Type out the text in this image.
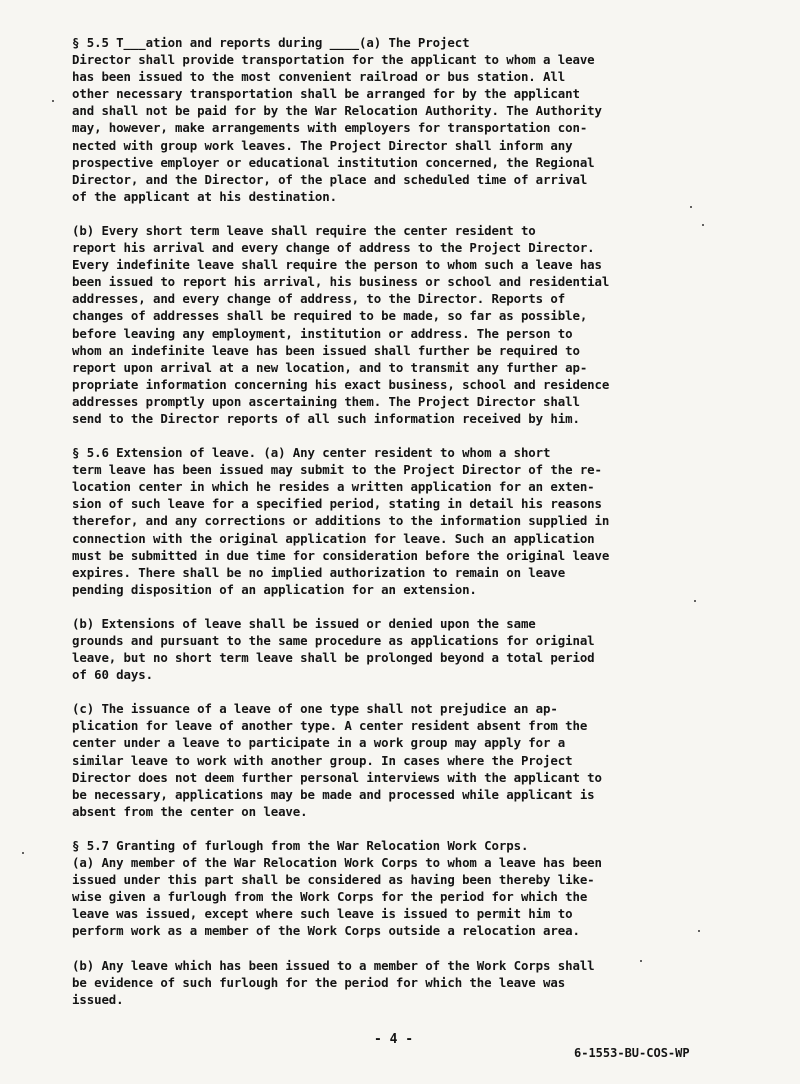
§ 5.5 T___ation and reports during ____(a) The Project
Director shall provide transportation for the applicant to whom a leave
has been issued to the most convenient railroad or bus station. All
other necessary transportation shall be arranged for by the applicant
and shall not be paid for by the War Relocation Authority. The Authority
may, however, make arrangements with employers for transportation con-
nected with group work leaves. The Project Director shall inform any
prospective employer or educational institution concerned, the Regional
Director, and the Director, of the place and scheduled time of arrival
of the applicant at his destination.
(b) Every short term leave shall require the center resident to
report his arrival and every change of address to the Project Director.
Every indefinite leave shall require the person to whom such a leave has
been issued to report his arrival, his business or school and residential
addresses, and every change of address, to the Director. Reports of
changes of addresses shall be required to be made, so far as possible,
before leaving any employment, institution or address. The person to
whom an indefinite leave has been issued shall further be required to
report upon arrival at a new location, and to transmit any further ap-
propriate information concerning his exact business, school and residence
addresses promptly upon ascertaining them. The Project Director shall
send to the Director reports of all such information received by him.
§ 5.6 Extension of leave. (a) Any center resident to whom a short
term leave has been issued may submit to the Project Director of the re-
location center in which he resides a written application for an exten-
sion of such leave for a specified period, stating in detail his reasons
therefor, and any corrections or additions to the information supplied in
connection with the original application for leave. Such an application
must be submitted in due time for consideration before the original leave
expires. There shall be no implied authorization to remain on leave
pending disposition of an application for an extension.
(b) Extensions of leave shall be issued or denied upon the same
grounds and pursuant to the same procedure as applications for original
leave, but no short term leave shall be prolonged beyond a total period
of 60 days.
(c) The issuance of a leave of one type shall not prejudice an ap-
plication for leave of another type. A center resident absent from the
center under a leave to participate in a work group may apply for a
similar leave to work with another group. In cases where the Project
Director does not deem further personal interviews with the applicant to
be necessary, applications may be made and processed while applicant is
absent from the center on leave.
§ 5.7 Granting of furlough from the War Relocation Work Corps.
(a) Any member of the War Relocation Work Corps to whom a leave has been
issued under this part shall be considered as having been thereby like-
wise given a furlough from the Work Corps for the period for which the
leave was issued, except where such leave is issued to permit him to
perform work as a member of the Work Corps outside a relocation area.
(b) Any leave which has been issued to a member of the Work Corps shall
be evidence of such furlough for the period for which the leave was
issued.
- 4 -
6-1553-BU-COS-WP
